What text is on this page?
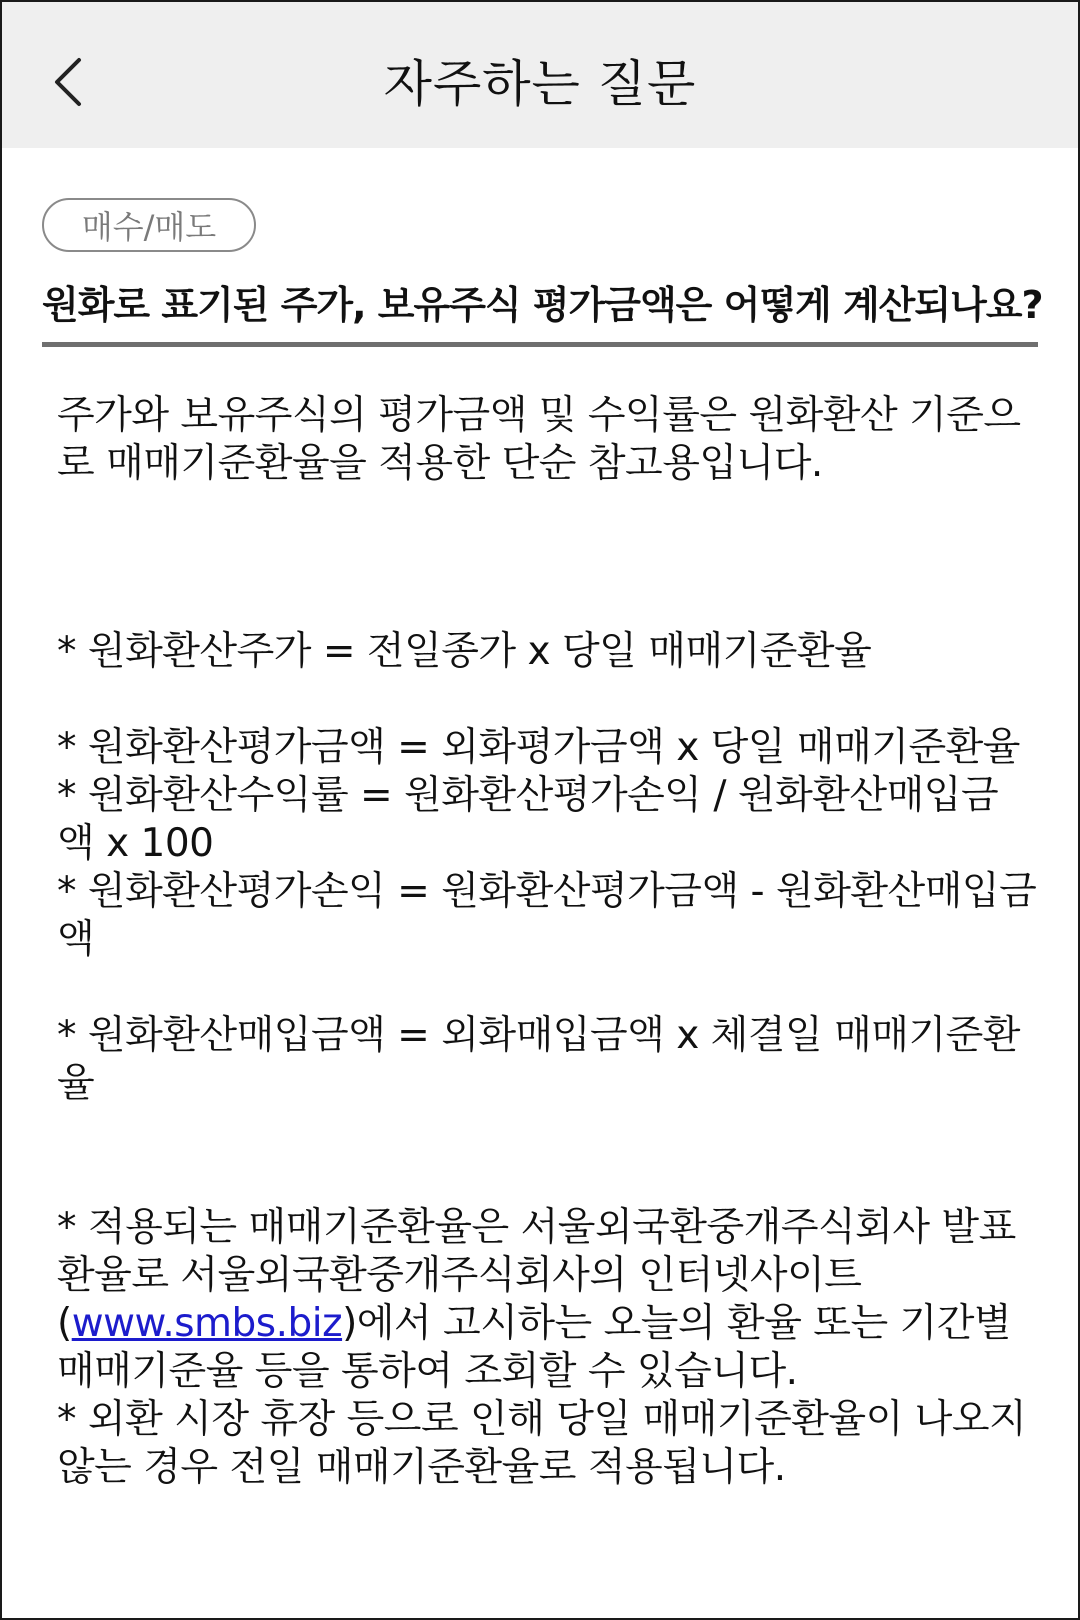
자주하는 질문
매수/매도
원화로 표기된 주가, 보유주식 평가금액은 어떻게 계산되나요?

주가와 보유주식의 평가금액 및 수익률은 원화환산 기준으

로 매매기준환율을 적용한 단순 참고용입니다.

* 원화환산주가 = 전일종가 x 당일 매매기준환율

* 원화환산평가금액 = 외화평가금액 x 당일 매매기준환율

* 원화환산수익률 = 원화환산평가손익 / 원화환산매입금

액 x 100

* 원화환산평가손익 = 원화환산평가금액 - 원화환산매입금

액

* 원화환산매입금액 = 외화매입금액 x 체결일 매매기준환

율

* 적용되는 매매기준환율은 서울외국환중개주식회사 발표

환율로 서울외국환중개주식회사의 인터넷사이트

(www.smbs.biz)에서 고시하는 오늘의 환율 또는 기간별

매매기준율 등을 통하여 조회할 수 있습니다.

* 외환 시장 휴장 등으로 인해 당일 매매기준환율이 나오지

않는 경우 전일 매매기준환율로 적용됩니다.
